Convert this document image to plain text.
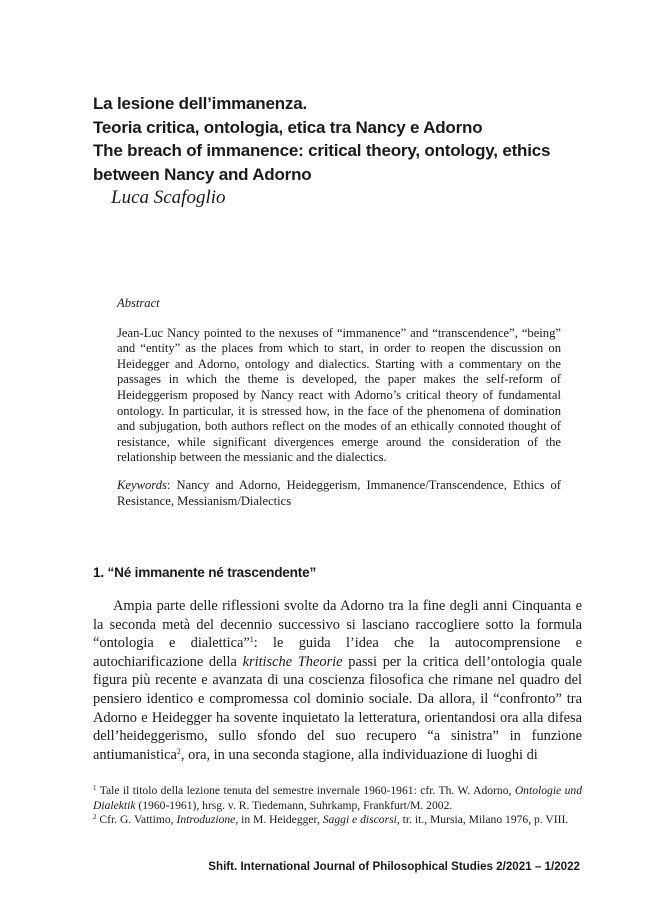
La lesione dell’immanenza.
Teoria critica, ontologia, etica tra Nancy e Adorno
The breach of immanence: critical theory, ontology, ethics
between Nancy and Adorno
Luca Scafoglio
Abstract
Jean-Luc Nancy pointed to the nexuses of “immanence” and “transcendence”, “being” and “entity” as the places from which to start, in order to reopen the discussion on Heidegger and Adorno, ontology and dialectics. Starting with a commentary on the passages in which the theme is developed, the paper makes the self-reform of Heideggerism proposed by Nancy react with Adorno’s critical theory of fundamental ontology. In particular, it is stressed how, in the face of the phenomena of domination and subjugation, both authors reflect on the modes of an ethically connoted thought of resistance, while significant divergences emerge around the consideration of the relationship between the messianic and the dialectics.
Keywords: Nancy and Adorno, Heideggerism, Immanence/Transcendence, Ethics of Resistance, Messianism/Dialectics
1. “Né immanente né trascendente”
Ampia parte delle riflessioni svolte da Adorno tra la fine degli anni Cinquanta e la seconda metà del decennio successivo si lasciano raccogliere sotto la formula “ontologia e dialettica”$^1$: le guida l’idea che la autocomprensione e autochiarificazione della kritische Theorie passi per la critica dell’ontologia quale figura più recente e avanzata di una coscienza filosofica che rimane nel quadro del pensiero identico e compromessa col dominio sociale. Da allora, il “confronto” tra Adorno e Heidegger ha sovente inquietato la letteratura, orientandosi ora alla difesa dell’heideggerismo, sullo sfondo del suo recupero “a sinistra” in funzione antiumanistica$^2$, ora, in una seconda stagione, alla individuazione di luoghi di
$^1$ Tale il titolo della lezione tenuta del semestre invernale 1960-1961: cfr. Th. W. Adorno, Ontologie und Dialektik (1960-1961), hrsg. v. R. Tiedemann, Suhrkamp, Frankfurt/M. 2002.
$^2$ Cfr. G. Vattimo, Introduzione, in M. Heidegger, Saggi e discorsi, tr. it., Mursia, Milano 1976, p. VIII.
Shift. International Journal of Philosophical Studies 2/2021 – 1/2022
